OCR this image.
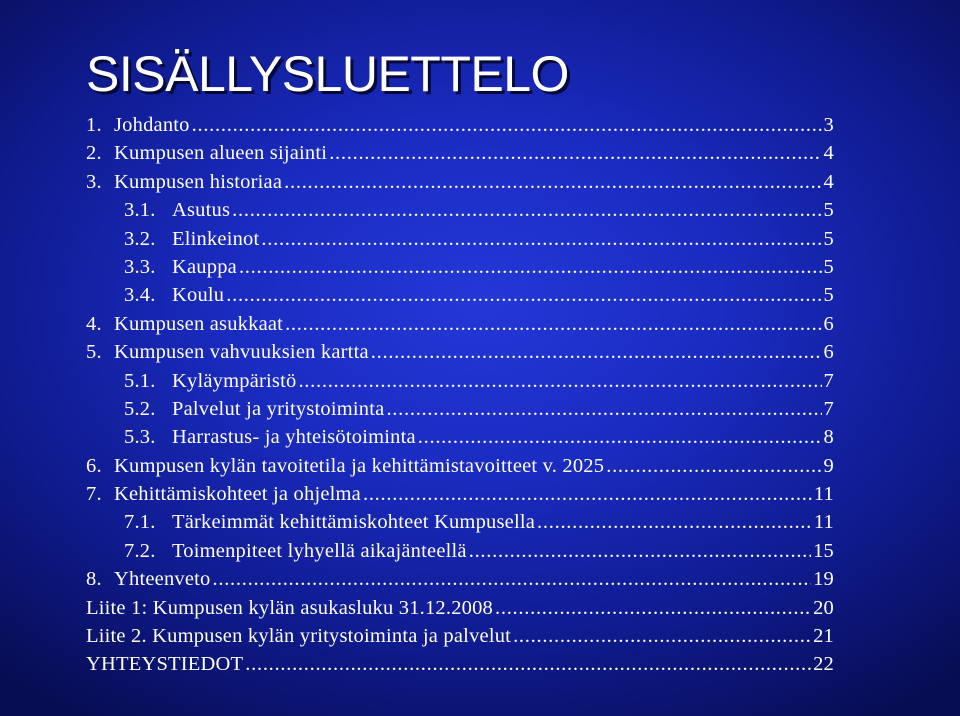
SISÄLLYSLUETTELO
1. Johdanto . . .	3
2. Kumpusen alueen sijainti . . .	4
3. Kumpusen historiaa . . .	4
3.1. Asutus . . .	5
3.2. Elinkeinot . . .	5
3.3. Kauppa . . .	5
3.4. Koulu . . .	5
4. Kumpusen asukkaat . . .	6
5. Kumpusen vahvuuksien kartta . . .	6
5.1. Kyläympäristö . . .	7
5.2. Palvelut ja yritystoiminta . . .	7
5.3. Harrastus- ja yhteisötoiminta . . .	8
6. Kumpusen kylän tavoitetila ja kehittämistavoitteet v. 2025 . . .	9
7. Kehittämiskohteet ja ohjelma . . .	11
7.1. Tärkeimmät kehittämiskohteet Kumpusella . . .	11
7.2. Toimenpiteet lyhyellä aikajänteellä . . .	15
8. Yhteenveto . . .	19
Liite 1: Kumpusen kylän asukasluku 31.12.2008 . . .	20
Liite 2. Kumpusen kylän yritystoiminta ja palvelut . . .	21
YHTEYSTIEDOT . . .	22
